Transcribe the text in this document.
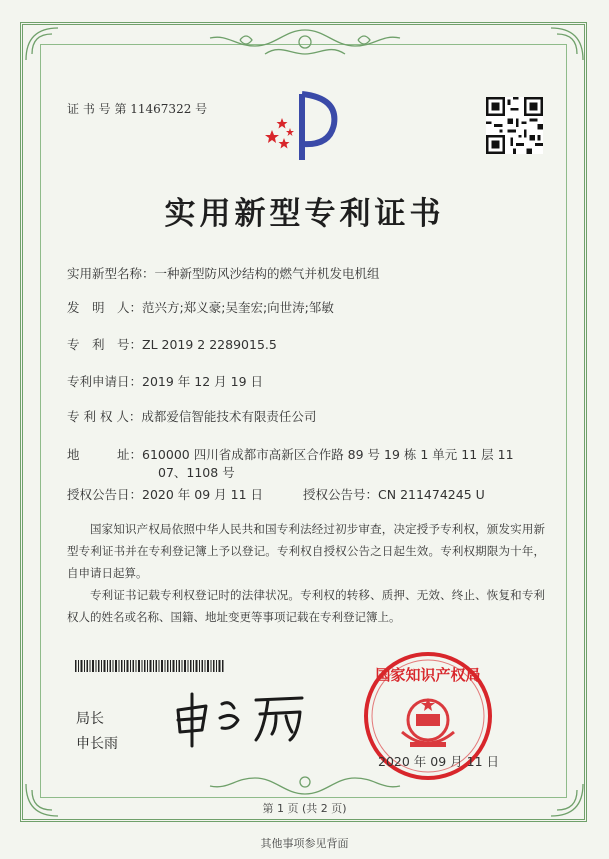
证 书 号 第 11467322 号
实用新型专利证书
实用新型名称：一种新型防风沙结构的燃气并机发电机组
发　明　人：范兴方;郑义豪;吴奎宏;向世涛;邹敏
专　利　号：ZL 2019 2 2289015.5
专利申请日：2019 年 12 月 19 日
专 利 权 人：成都爱信智能技术有限责任公司
地　　　址：610000 四川省成都市高新区合作路 89 号 19 栋 1 单元 11 层 11
07、1108 号
授权公告日：2020 年 09 月 11 日	授权公告号：CN 211474245 U
国家知识产权局依照中华人民共和国专利法经过初步审查，决定授予专利权，颁发实用新型专利证书并在专利登记簿上予以登记。专利权自授权公告之日起生效。专利权期限为十年，自申请日起算。
专利证书记载专利权登记时的法律状况。专利权的转移、质押、无效、终止、恢复和专利权人的姓名或名称、国籍、地址变更等事项记载在专利登记簿上。
局长
申长雨
国家知识产权局
2020 年 09 月 11 日
第 1 页 (共 2 页)
其他事项参见背面
